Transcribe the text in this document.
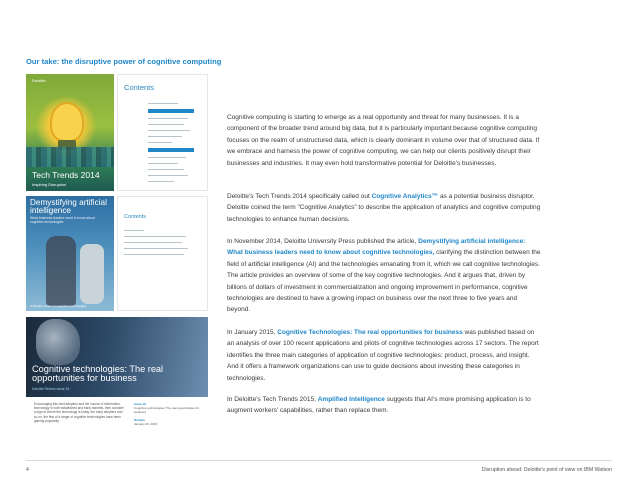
Our take: the disruptive power of cognitive computing
Deloitte.
Tech Trends 2014
Inspiring Disruption
Contents
Demystifying artificial intelligence
What business leaders need to know about cognitive technologies
A Deloitte series on cognitive technologies
Contents
Cognitive technologies: The real opportunities for business
Deloitte Review Issue 16
Encouraging this next adoption and the course of information technology in both established and early markets, then consider a sign of where the technology is today, the early adopters and so on, the first of a range of cognitive technologies have been gaining popularity.
Issue 16
Cognitive technologies: The real opportunities for business
Deloitte
January 26, 2015

Cognitive computing is starting to emerge as a real opportunity and threat for many businesses. It is a component of the broader trend around big data, but it is particularly important because cognitive computing focuses on the realm of unstructured data, which is clearly dominant in volume over that of structured data. If we embrace and harness the power of cognitive computing, we can help our clients positively disrupt their businesses and industries. It may even hold transformative potential for Deloitte's businesses.

Deloitte's Tech Trends 2014 specifically called out Cognitive Analytics™ as a potential business disruptor. Deloitte coined the term "Cognitive Analytics" to describe the application of analytics and cognitive computing technologies to enhance human decisions.

In November 2014, Deloitte University Press published the article, Demystifying artificial intelligence: What business leaders need to know about cognitive technologies, clarifying the distinction between the field of artificial intelligence (AI) and the technologies emanating from it, which we call cognitive technologies. The article provides an overview of some of the key cognitive technologies. And it argues that, driven by billions of dollars of investment in commercialization and ongoing improvement in performance, cognitive technologies are destined to have a growing impact on business over the next three to five years and beyond.

In January 2015, Cognitive Technologies: The real opportunities for business was published based on an analysis of over 100 recent applications and pilots of cognitive technologies across 17 sectors. The report identifies the three main categories of application of cognitive technologies: product, process, and insight. And it offers a framework organizations can use to guide decisions about investing these categories in technologies.

In Deloitte's Tech Trends 2015, Amplified Intelligence suggests that AI's more promising application is to augment workers' capabilities, rather than replace them.

4	Disruption ahead: Deloitte's point of view on IBM Watson
